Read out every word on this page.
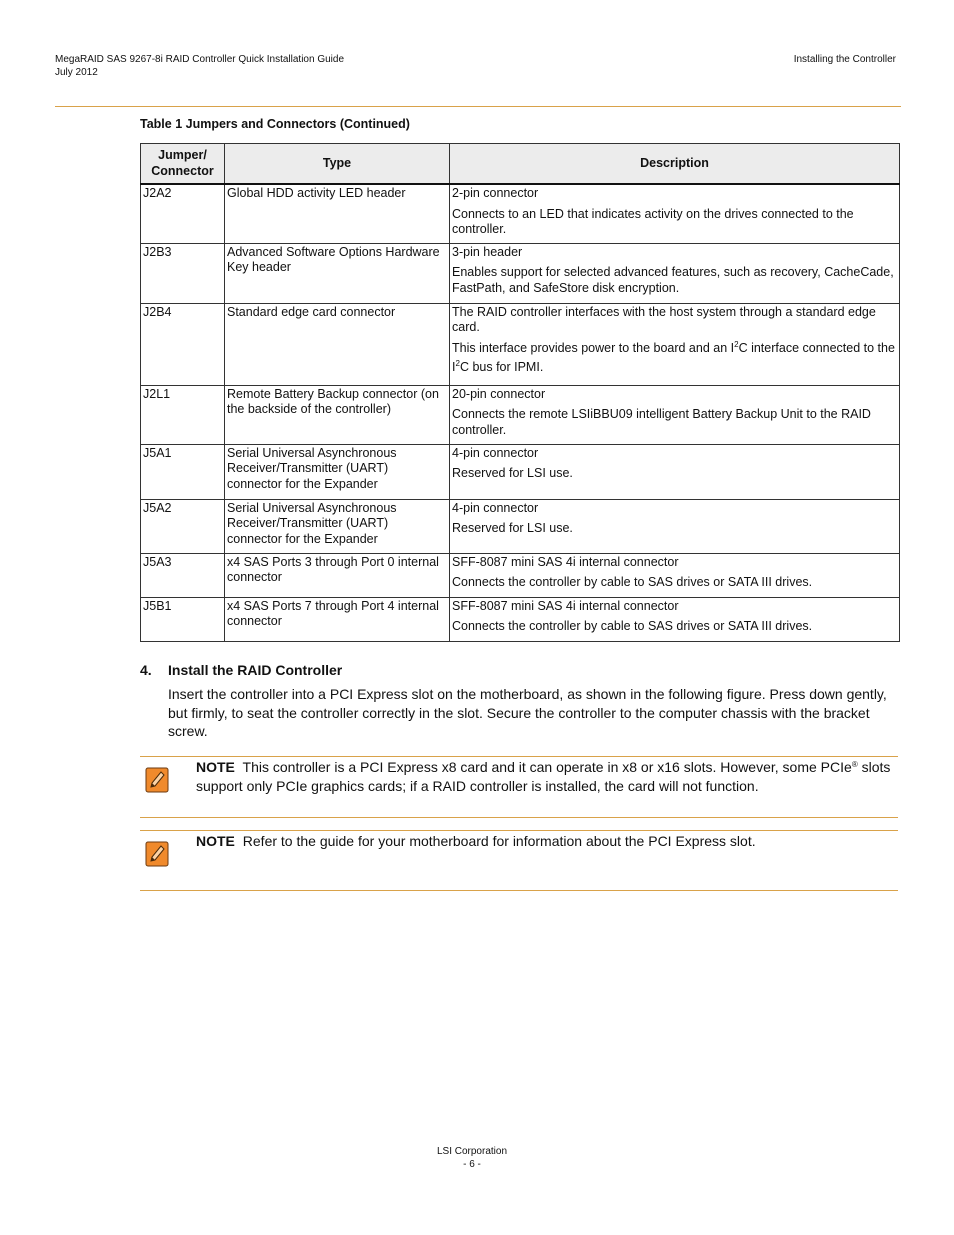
MegaRAID SAS 9267-8i RAID Controller Quick Installation Guide
July 2012
Installing the Controller
Table 1 Jumpers and Connectors (Continued)
Jumper/
Connector	Type	Description
J2A2	Global HDD activity LED header	2-pin connector

Connects to an LED that indicates activity on the drives connected to the controller.

J2B3	Advanced Software Options Hardware Key header	3-pin header

Enables support for selected advanced features, such as recovery, CacheCade, FastPath, and SafeStore disk encryption.

J2B4	Standard edge card connector	The RAID controller interfaces with the host system through a standard edge card.

This interface provides power to the board and an $I^2C$ interface connected to the $I^2C$ bus for IPMI.

J2L1	Remote Battery Backup connector (on the backside of the controller)	20-pin connector

Connects the remote LSIiBBU09 intelligent Battery Backup Unit to the RAID controller.

J5A1	Serial Universal Asynchronous Receiver/Transmitter (UART) connector for the Expander	4-pin connector

Reserved for LSI use.

J5A2	Serial Universal Asynchronous Receiver/Transmitter (UART) connector for the Expander	4-pin connector

Reserved for LSI use.

J5A3	x4 SAS Ports 3 through Port 0 internal connector	SFF-8087 mini SAS 4i internal connector

Connects the controller by cable to SAS drives or SATA III drives.

J5B1	x4 SAS Ports 7 through Port 4 internal connector	SFF-8087 mini SAS 4i internal connector

Connects the controller by cable to SAS drives or SATA III drives.

4. Install the RAID Controller
Insert the controller into a PCI Express slot on the motherboard, as shown in the following figure. Press down gently, but firmly, to seat the controller correctly in the slot. Secure the controller to the computer chassis with the bracket screw.
NOTE This controller is a PCI Express x8 card and it can operate in x8 or x16 slots. However, some PCIe® slots support only PCIe graphics cards; if a RAID controller is installed, the card will not function.
NOTE Refer to the guide for your motherboard for information about the PCI Express slot.
LSI Corporation
- 6 -
